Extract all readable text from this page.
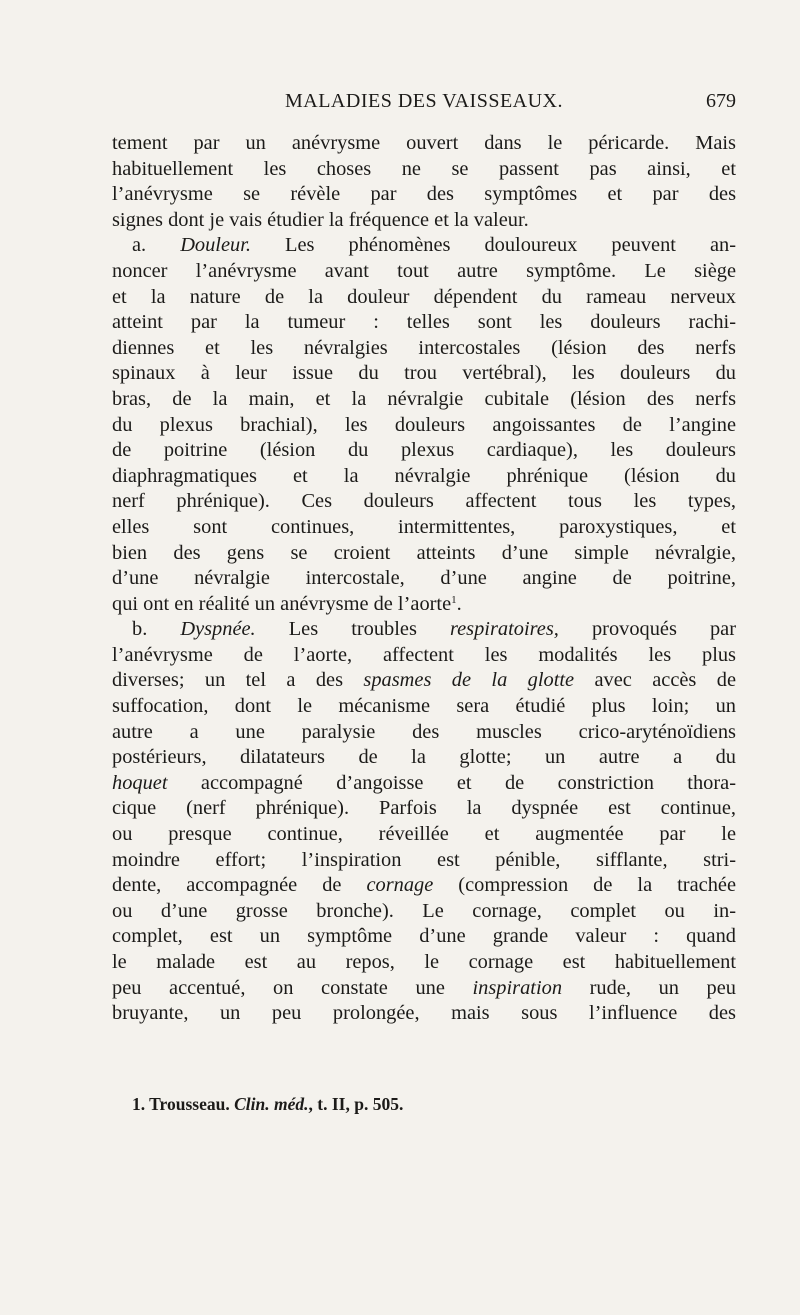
MALADIES DES VAISSEAUX.	679
tement par un anévrysme ouvert dans le péricarde. Mais
habituellement les choses ne se passent pas ainsi, et
l’anévrysme se révèle par des symptômes et par des
signes dont je vais étudier la fréquence et la valeur.
a. Douleur. Les phénomènes douloureux peuvent an-
noncer l’anévrysme avant tout autre symptôme. Le siège
et la nature de la douleur dépendent du rameau nerveux
atteint par la tumeur : telles sont les douleurs rachi-
diennes et les névralgies intercostales (lésion des nerfs
spinaux à leur issue du trou vertébral), les douleurs du
bras, de la main, et la névralgie cubitale (lésion des nerfs
du plexus brachial), les douleurs angoissantes de l’angine
de poitrine (lésion du plexus cardiaque), les douleurs
diaphragmatiques et la névralgie phrénique (lésion du
nerf phrénique). Ces douleurs affectent tous les types,
elles sont continues, intermittentes, paroxystiques, et
bien des gens se croient atteints d’une simple névralgie,
d’une névralgie intercostale, d’une angine de poitrine,
qui ont en réalité un anévrysme de l’aorte$^1$.
b. Dyspnée. Les troubles respiratoires, provoqués par
l’anévrysme de l’aorte, affectent les modalités les plus
diverses; un tel a des spasmes de la glotte avec accès de
suffocation, dont le mécanisme sera étudié plus loin; un
autre a une paralysie des muscles crico-aryténoïdiens
postérieurs, dilatateurs de la glotte; un autre a du
hoquet accompagné d’angoisse et de constriction thora-
cique (nerf phrénique). Parfois la dyspnée est continue,
ou presque continue, réveillée et augmentée par le
moindre effort; l’inspiration est pénible, sifflante, stri-
dente, accompagnée de cornage (compression de la trachée
ou d’une grosse bronche). Le cornage, complet ou in-
complet, est un symptôme d’une grande valeur : quand
le malade est au repos, le cornage est habituellement
peu accentué, on constate une inspiration rude, un peu
bruyante, un peu prolongée, mais sous l’influence des
1. Trousseau. Clin. méd., t. II, p. 505.
